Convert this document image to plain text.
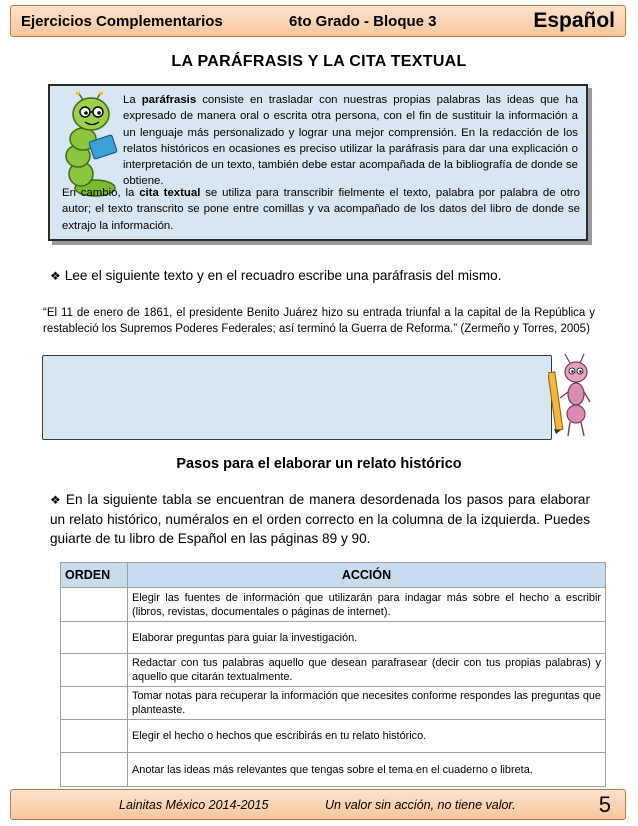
Ejercicios Complementarios	6to Grado - Bloque 3	Español
LA PARÁFRASIS Y LA CITA TEXTUAL

La paráfrasis consiste en trasladar con nuestras propias palabras las ideas que ha expresado de manera oral o escrita otra persona, con el fin de sustituir la información a un lenguaje más personalizado y lograr una mejor comprensión. En la redacción de los relatos históricos en ocasiones es preciso utilizar la paráfrasis para dar una explicación o interpretación de un texto, también debe estar acompañada de la bibliografía de donde se obtiene.

En cambio, la cita textual se utiliza para transcribir fielmente el texto, palabra por palabra de otro autor; el texto transcrito se pone entre comillas y va acompañado de los datos del libro de donde se extrajo la información.

❖ Lee el siguiente texto y en el recuadro escribe una paráfrasis del mismo.

“El 11 de enero de 1861, el presidente Benito Juárez hizo su entrada triunfal a la capital de la República y restableció los Supremos Poderes Federales; así terminó la Guerra de Reforma.” (Zermeño y Torres, 2005)

Pasos para el elaborar un relato histórico

❖ En la siguiente tabla se encuentran de manera desordenada los pasos para elaborar un relato histórico, numéralos en el orden correcto en la columna de la izquierda. Puedes guiarte de tu libro de Español en las páginas 89 y 90.

ORDEN	ACCIÓN
	Elegir las fuentes de información que utilizarán para indagar más sobre el hecho a escribir (libros, revistas, documentales o páginas de internet).
	Elaborar preguntas para guiar la investigación.
	Redactar con tus palabras aquello que desean parafrasear (decir con tus propias palabras) y aquello que citarán textualmente.
	Tomar notas para recuperar la información que necesites conforme respondes las preguntas que planteaste.
	Elegir el hecho o hechos que escribirás en tu relato histórico.
	Anotar las ideas más relevantes que tengas sobre el tema en el cuaderno o libreta.
Lainitas México 2014-2015	Un valor sin acción, no tiene valor.	5
